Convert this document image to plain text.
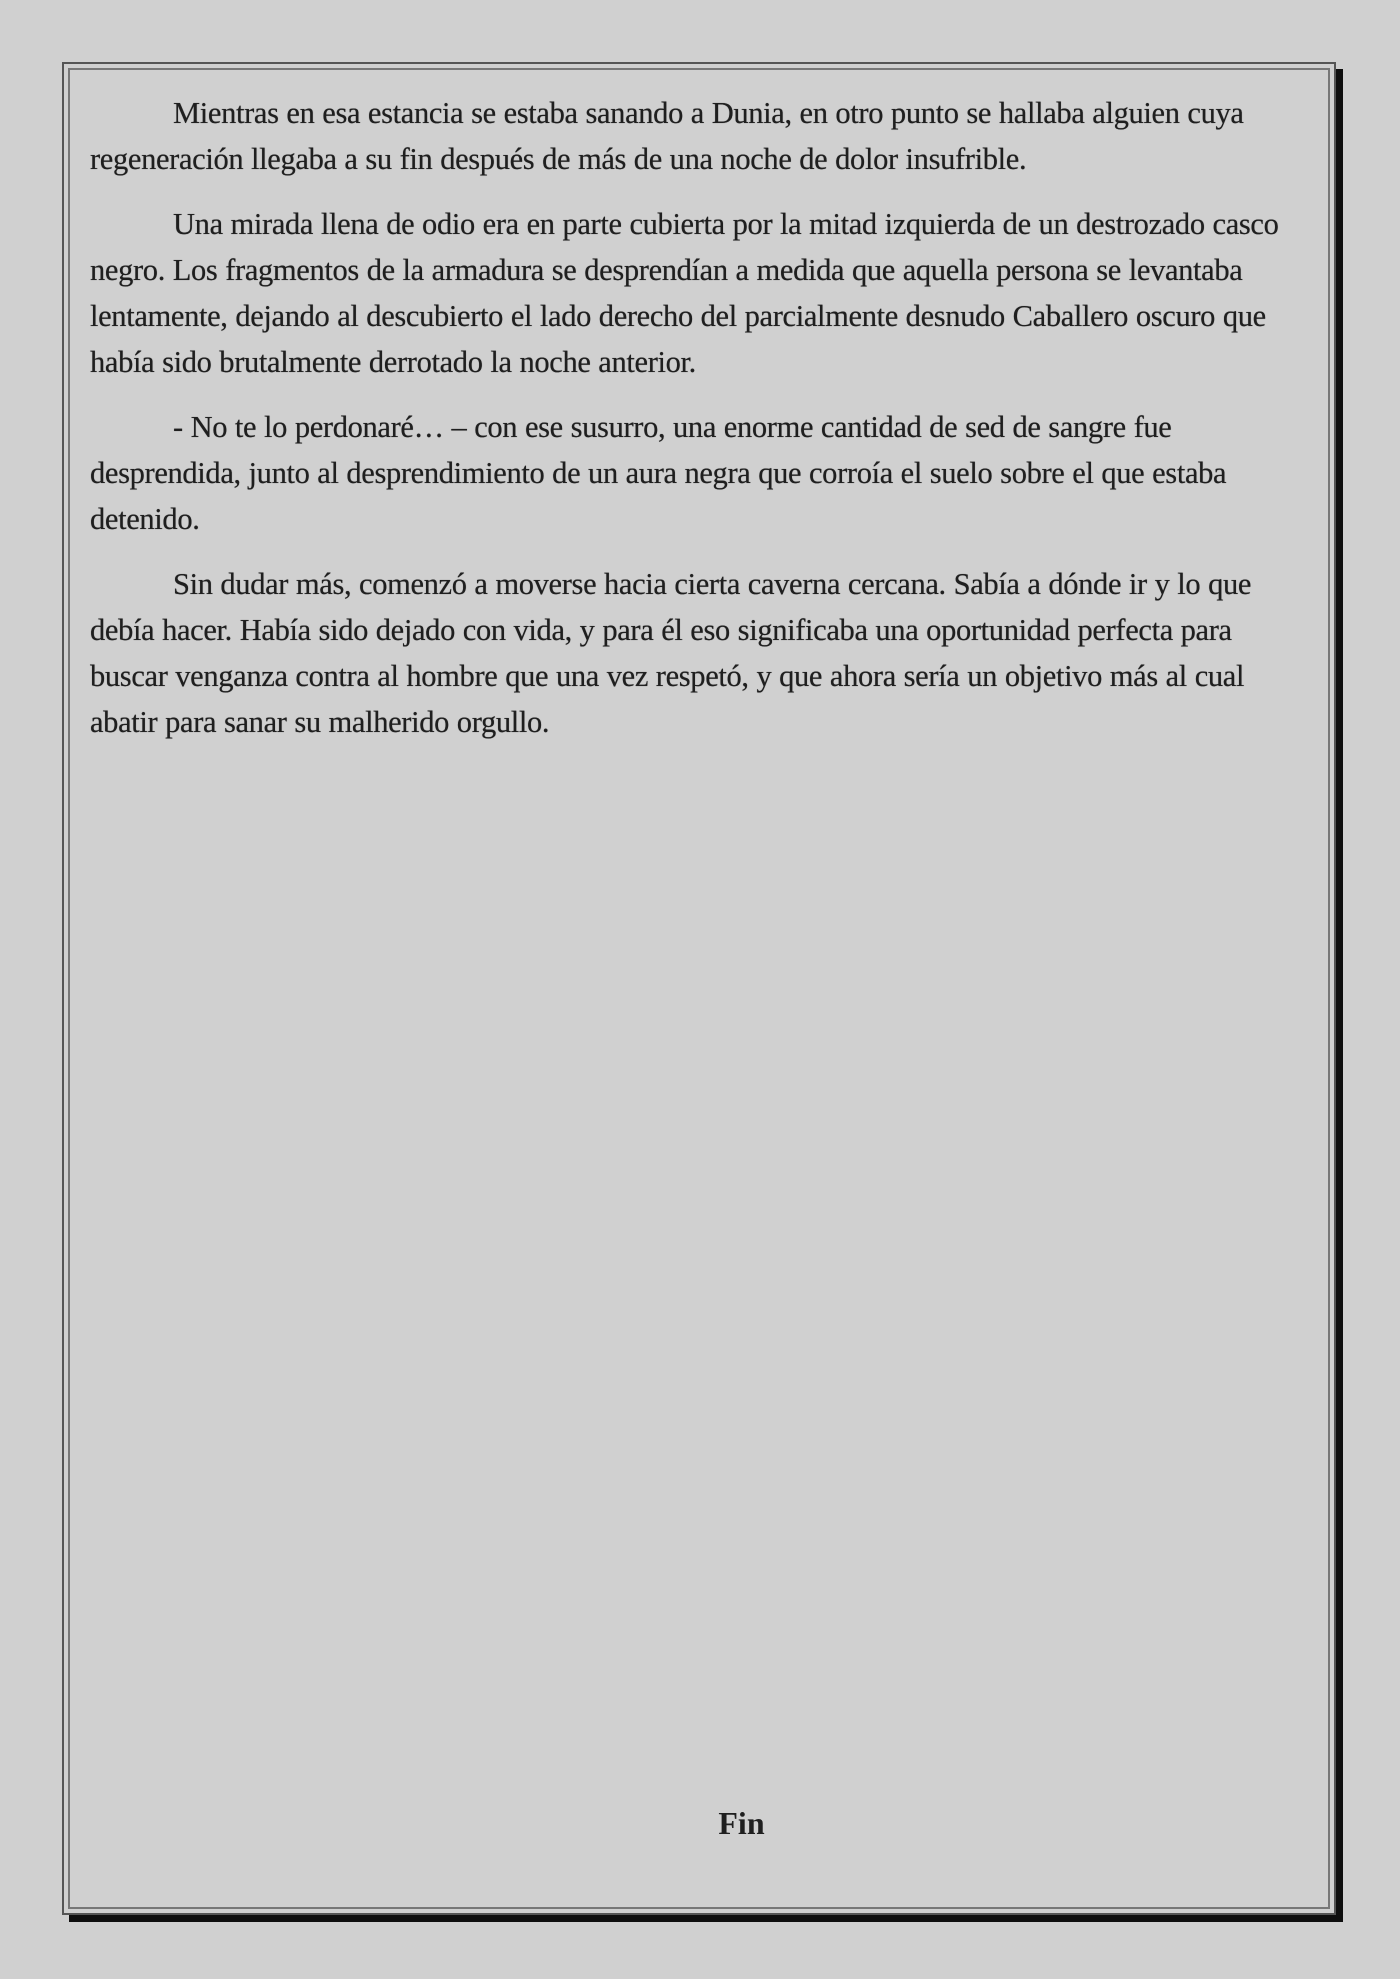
Mientras en esa estancia se estaba sanando a Dunia, en otro punto se hallaba alguien cuya regeneración llegaba a su fin después de más de una noche de dolor insufrible.

Una mirada llena de odio era en parte cubierta por la mitad izquierda de un destrozado casco negro. Los fragmentos de la armadura se desprendían a medida que aquella persona se levantaba lentamente, dejando al descubierto el lado derecho del parcialmente desnudo Caballero oscuro que había sido brutalmente derrotado la noche anterior.

- No te lo perdonaré… – con ese susurro, una enorme cantidad de sed de sangre fue desprendida, junto al desprendimiento de un aura negra que corroía el suelo sobre el que estaba detenido.

Sin dudar más, comenzó a moverse hacia cierta caverna cercana. Sabía a dónde ir y lo que debía hacer. Había sido dejado con vida, y para él eso significaba una oportunidad perfecta para buscar venganza contra al hombre que una vez respetó, y que ahora sería un objetivo más al cual abatir para sanar su malherido orgullo.

Fin
